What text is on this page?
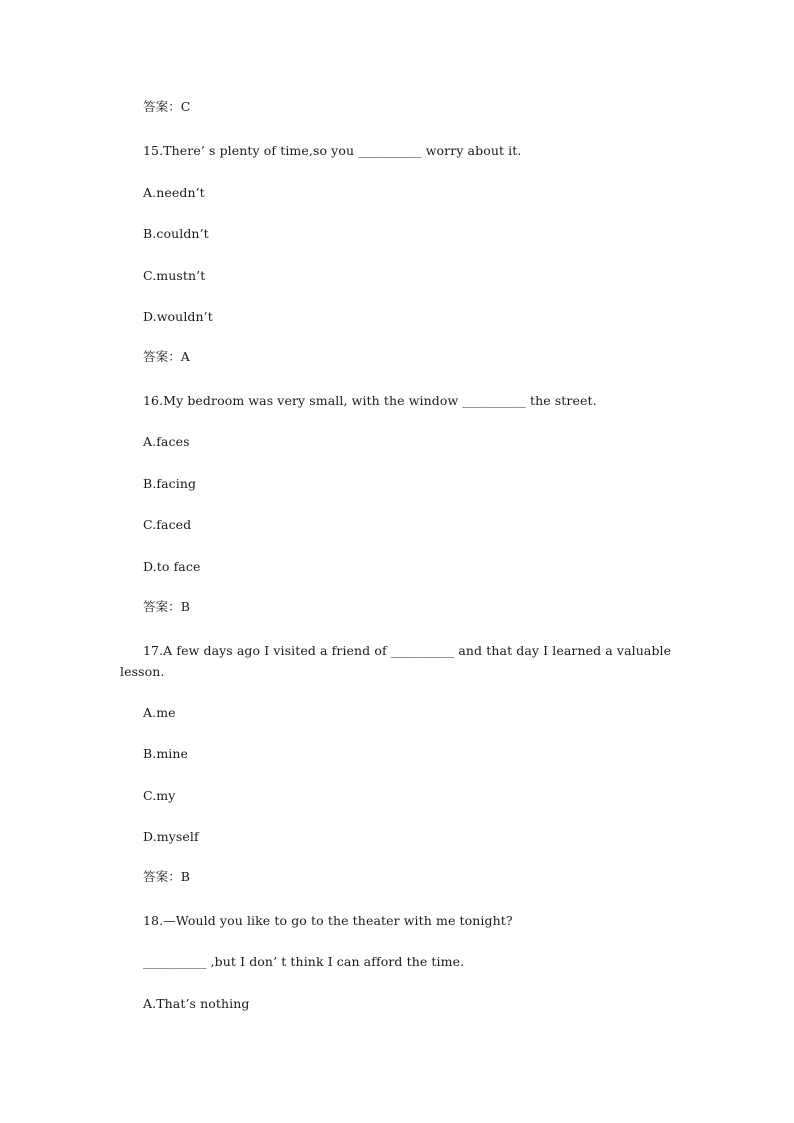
答案：C
15.There’ s plenty of time,so you __________ worry about it.
A.needn’t
B.couldn’t
C.mustn’t
D.wouldn’t
答案：A
16.My bedroom was very small, with the window __________ the street.
A.faces
B.facing
C.faced
D.to face
答案：B
17.A few days ago I visited a friend of __________ and that day I learned a valuable lesson.
A.me
B.mine
C.my
D.myself
答案：B
18.—Would you like to go to the theater with me tonight?
__________ ,but I don’ t think I can afford the time.
A.That’s nothing
